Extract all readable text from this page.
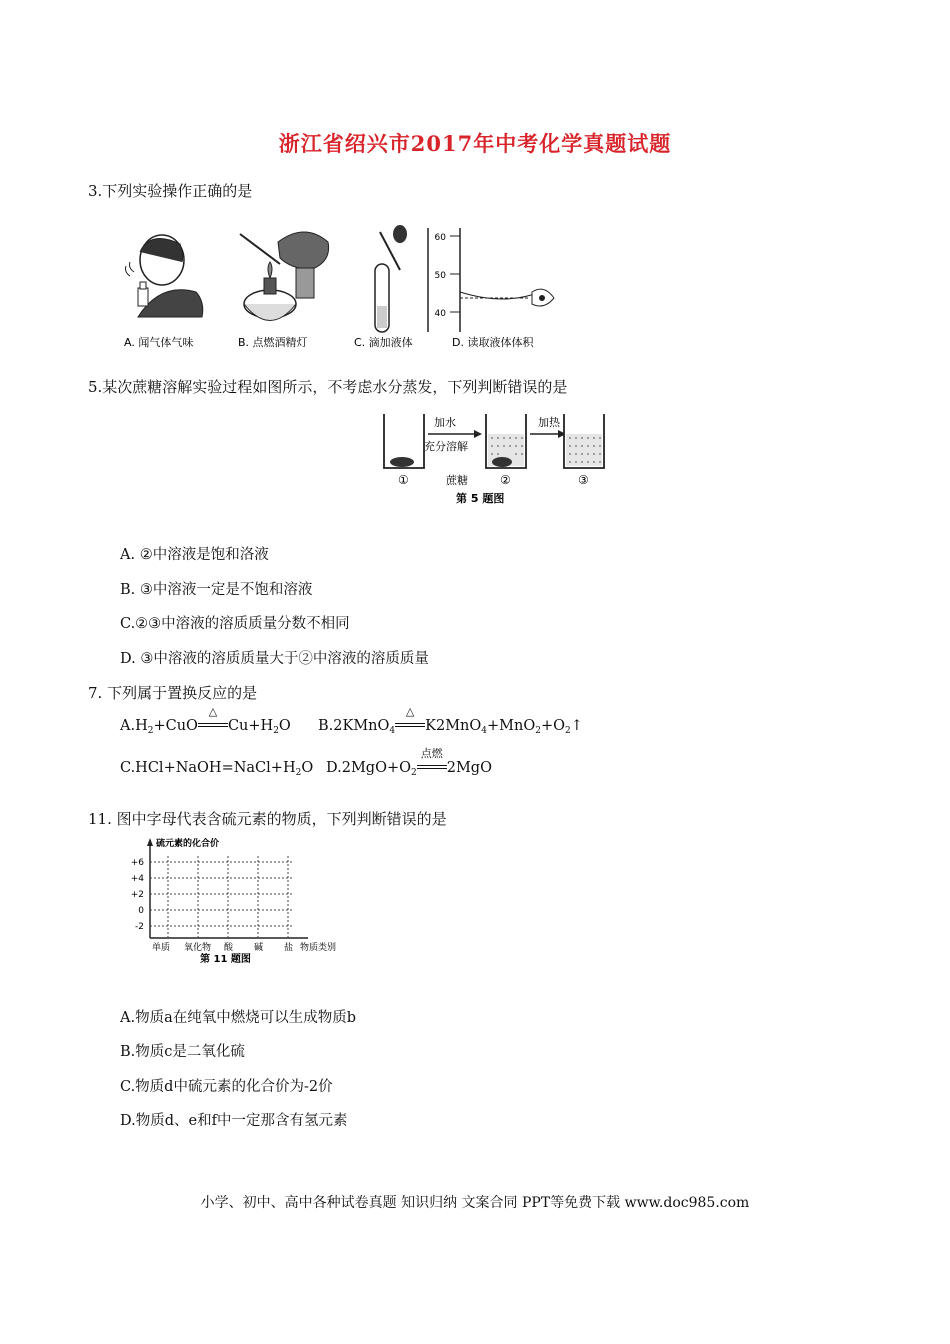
浙江省绍兴市2017年中考化学真题试题
3.下列实验操作正确的是
60
50
40
A. 闻气体气味	B. 点燃酒精灯	C. 滴加液体	D. 读取液体体积
5.某次蔗糖溶解实验过程如图所示，不考虑水分蒸发，下列判断错误的是
加水
充分溶解
加热
①	②	③
蔗糖
第 5 题图
A. ②中溶液是饱和洛液
B. ③中溶液一定是不饱和溶液
C.②③中溶液的溶质质量分数不相同
D. ③中溶液的溶质质量大于②中溶液的溶质质量
7. 下列属于置换反应的是
$A.H_2+CuO$
△
$Cu+H_2O$ B.2KMnO$_4$
△
$K2MnO_4+MnO_2+O_2↑$
$C.HCl+NaOH=NaCl+H_2O$ $D.2MgO+O_2$
点燃
2MgO
11. 图中字母代表含硫元素的物质，下列判断错误的是
硫元素的化合价
+6
+4
+2
0
-2
单质 氧化物 酸 碱 盐 物质类别
第 11 题图
A.物质a在纯氧中燃烧可以生成物质b
B.物质c是二氧化硫
C.物质d中硫元素的化合价为-2价
D.物质d、e和f中一定那含有氢元素
小学、初中、高中各种试卷真题 知识归纳 文案合同 PPT等免费下载 www.doc985.com
